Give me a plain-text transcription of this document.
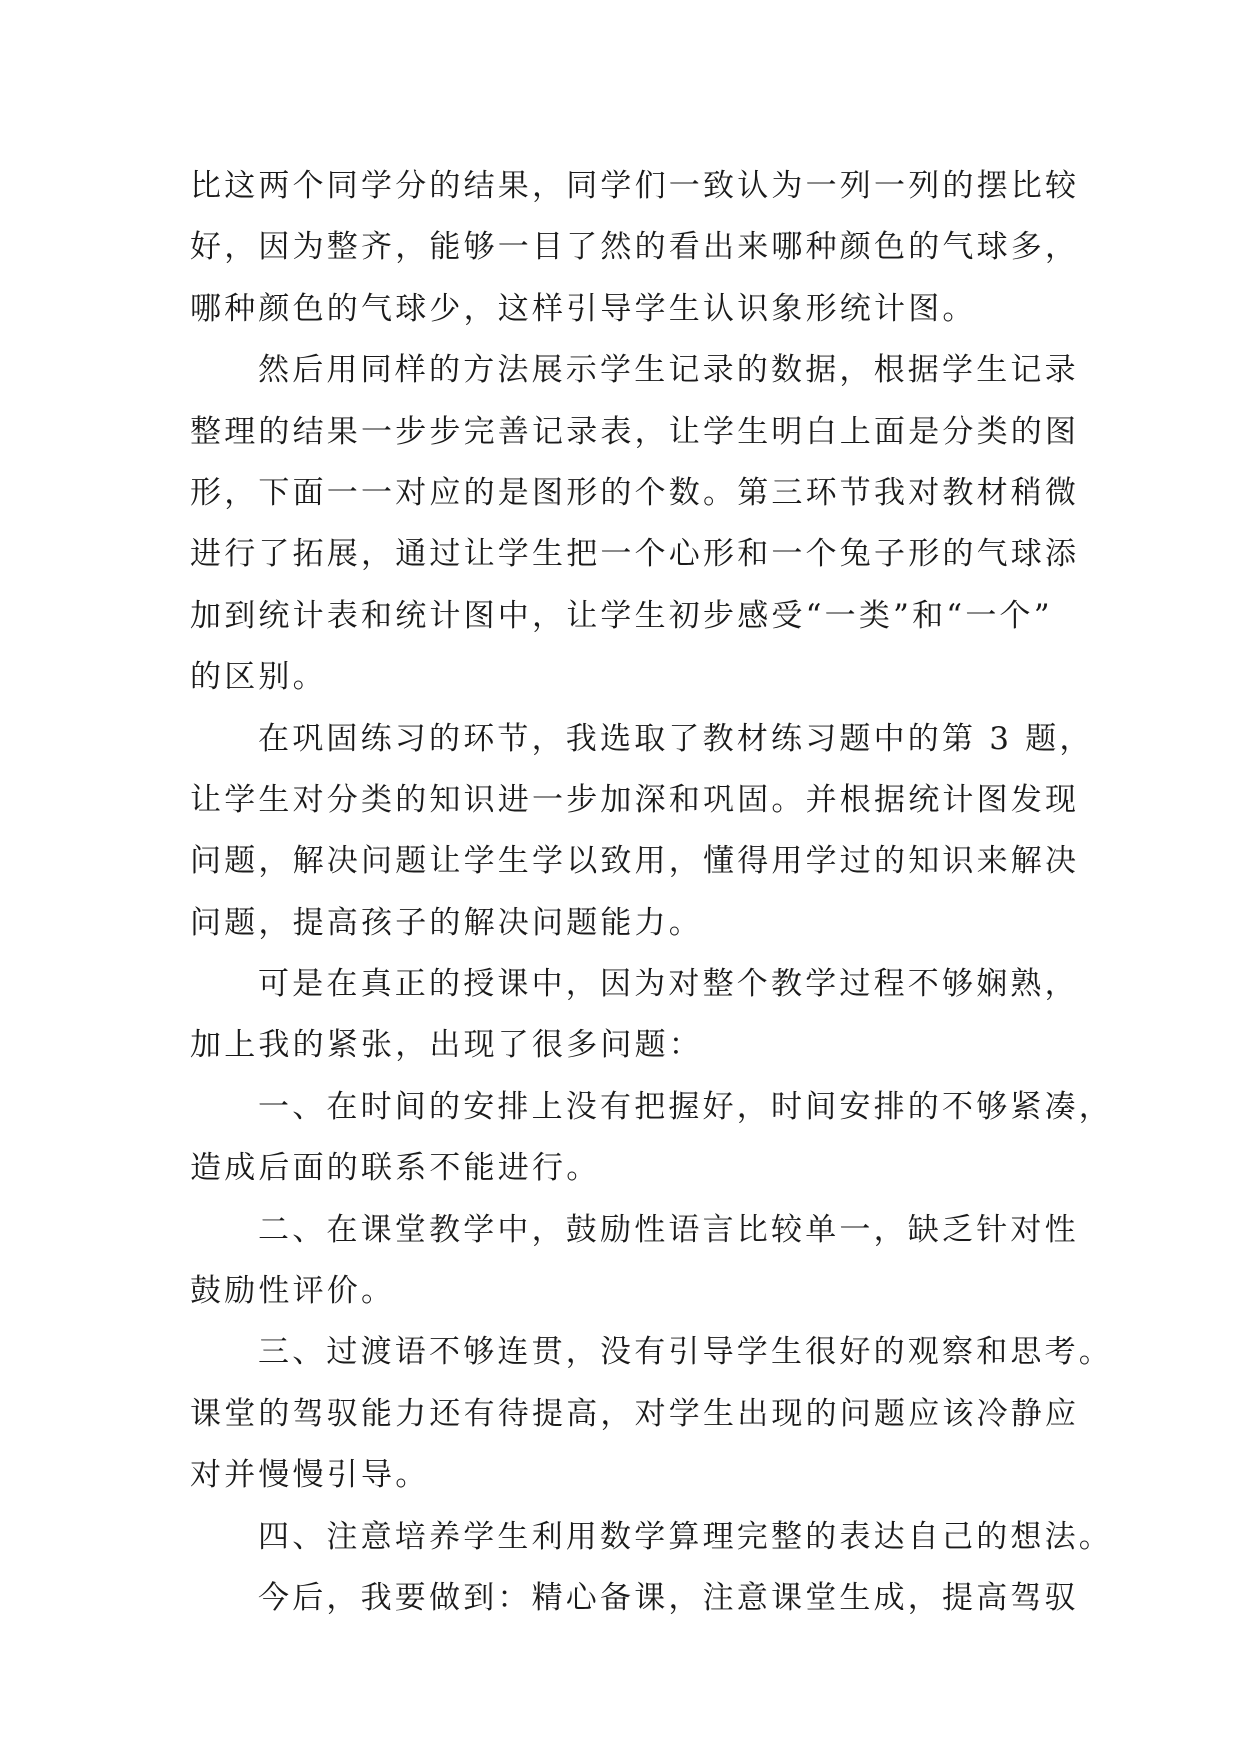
比这两个同学分的结果，同学们一致认为一列一列的摆比较
好，因为整齐，能够一目了然的看出来哪种颜色的气球多，
哪种颜色的气球少，这样引导学生认识象形统计图。
然后用同样的方法展示学生记录的数据，根据学生记录
整理的结果一步步完善记录表，让学生明白上面是分类的图
形，下面一一对应的是图形的个数。第三环节我对教材稍微
进行了拓展，通过让学生把一个心形和一个兔子形的气球添
加到统计表和统计图中，让学生初步感受“一类”和“一个”
的区别。
在巩固练习的环节，我选取了教材练习题中的第 3 题，
让学生对分类的知识进一步加深和巩固。并根据统计图发现
问题，解决问题让学生学以致用，懂得用学过的知识来解决
问题，提高孩子的解决问题能力。
可是在真正的授课中，因为对整个教学过程不够娴熟，
加上我的紧张，出现了很多问题：
一、在时间的安排上没有把握好，时间安排的不够紧凑，
造成后面的联系不能进行。
二、在课堂教学中，鼓励性语言比较单一，缺乏针对性
鼓励性评价。
三、过渡语不够连贯，没有引导学生很好的观察和思考。
课堂的驾驭能力还有待提高，对学生出现的问题应该冷静应
对并慢慢引导。
四、注意培养学生利用数学算理完整的表达自己的想法。
今后，我要做到：精心备课，注意课堂生成，提高驾驭
